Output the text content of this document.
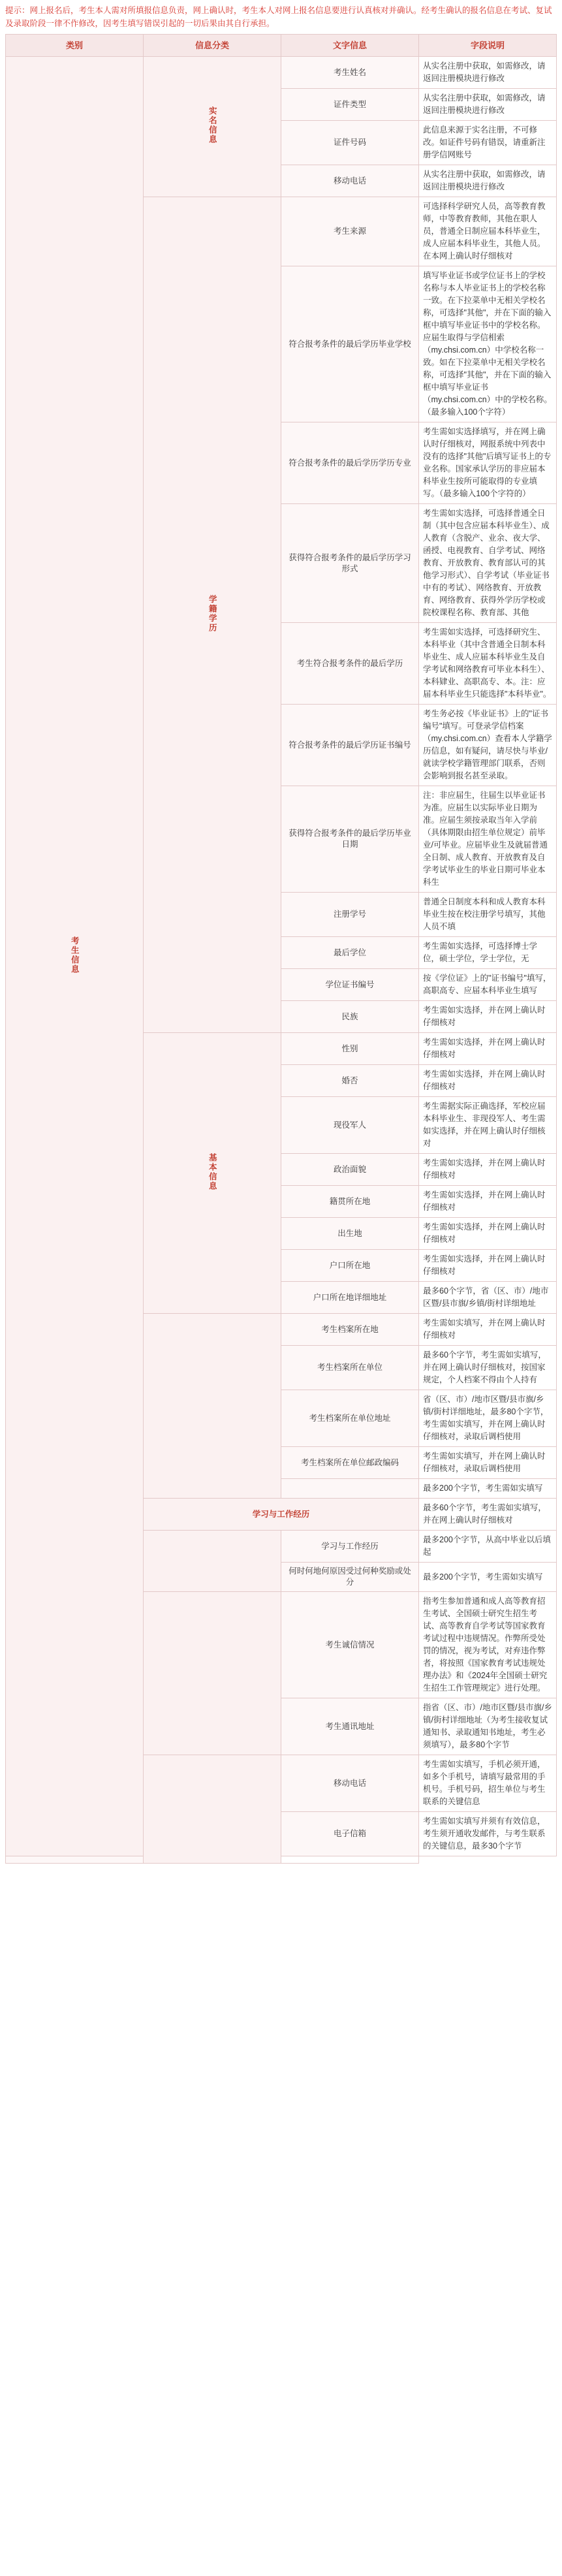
提示：网上报名后，考生本人需对所填报信息负责，网上确认时，考生本人对网上报名信息要进行认真核对并确认。经考生确认的报名信息在考试、复试及录取阶段一律不作修改，因考生填写错误引起的一切后果由其自行承担。
类别	信息分类	文字信息	字段说明
考生信息	实名信息	考生姓名	从实名注册中获取，如需修改，请返回注册模块进行修改
		证件类型	从实名注册中获取，如需修改，请返回注册模块进行修改
		证件号码	此信息来源于实名注册，不可修改。如证件号码有错误，请重新注册学信网账号
		移动电话	从实名注册中获取，如需修改，请返回注册模块进行修改
	学籍学历	考生来源	可选择科学研究人员，高等教育教师，中等教育教师，其他在职人员，普通全日制应届本科毕业生，成人应届本科毕业生，其他人员。在本网上确认时仔细核对
		符合报考条件的最后学历毕业学校	填写毕业证书或学位证书上的学校名称与本人毕业证书上的学校名称一致。在下拉菜单中无相关学校名称，可选择"其他"，并在下面的输入框中填写毕业证书中的学校名称。 应届生取得与学信相索（my.chsi.com.cn）中学校名称一致。如在下拉菜单中无相关学校名称，可选择"其他"，并在下面的输入框中填写毕业证书（my.chsi.com.cn）中的学校名称。（最多输入100个字符）
		符合报考条件的最后学历学历专业	考生需如实选择填写，并在网上确认时仔细核对，网报系统中列表中没有的选择"其他"后填写证书上的专业名称。国家承认学历的非应届本科毕业生按所可能取得的专业填写。（最多输入100个字符的）
		获得符合报考条件的最后学历学习形式	考生需如实选择，可选择普通全日制（其中包含应届本科毕业生）、成人教育（含脱产、业余、夜大学、函授、电视教育、自学考试、网络教育、开放教育、教育部认可的其他学习形式）、自学考试（毕业证书中有的考试）、网络教育、开放教育、网络教育、获得外学历学校或院校课程名称、教育部、其他
		考生符合报考条件的最后学历	考生需如实选择，可选择研究生、本科毕业（其中含普通全日制本科毕业生、成人应届本科毕业生及自学考试和网络教育可毕业本科生）、本科肄业、高职高专、本。注：应届本科毕业生只能选择"本科毕业"。
		符合报考条件的最后学历证书编号	考生务必按《毕业证书》上的"证书编号"填写。可登录学信档案（my.chsi.com.cn）查看本人学籍学历信息，如有疑问，请尽快与毕业/就读学校学籍管理部门联系，否则会影响到报名甚至录取。
		获得符合报考条件的最后学历毕业日期	注：非应届生，往届生以毕业证书为准。应届生以实际毕业日期为准。应届生须按录取当年入学前（具体期限由招生单位规定）前毕业/可毕业。应届毕业生及就届普通全日制、成人教育、开放教育及自学考试毕业生的毕业日期可毕业本科生
		注册学号	普通全日制度本科和成人教育本科毕业生按在校注册学号填写，其他人员不填
		最后学位	考生需如实选择，可选择博士学位，硕士学位，学士学位，无
		学位证书编号	按《学位证》上的"证书编号"填写，高职高专、应届本科毕业生填写
		民族	考生需如实选择，并在网上确认时仔细核对
	基本信息	性别	考生需如实选择，并在网上确认时仔细核对
		婚否	考生需如实选择，并在网上确认时仔细核对
		现役军人	考生需据实际正确选择，军校应届本科毕业生、非现役军人、考生需如实选择，并在网上确认时仔细核对
		政治面貌	考生需如实选择，并在网上确认时仔细核对
		籍贯所在地	考生需如实选择，并在网上确认时仔细核对
		出生地	考生需如实选择，并在网上确认时仔细核对
		户口所在地	考生需如实选择，并在网上确认时仔细核对
		户口所在地详细地址	最多60个字节，省（区、市）/地市区暨/县市旗/乡镇/街村详细地址
		考生档案所在地	考生需如实填写，并在网上确认时仔细核对
		考生档案所在单位	最多60个字节，考生需如实填写，并在网上确认时仔细核对，按国家规定，个人档案不得由个人持有
		考生档案所在单位地址	省（区、市）/地市区暨/县市旗/乡镇/街村详细地址，最多80个字节，考生需如实填写，并在网上确认时仔细核对，录取后调档使用
		考生档案所在单位邮政编码	考生需如实填写，并在网上确认时仔细核对，录取后调档使用
			最多200个字节，考生需如实填写
	学习与工作经历		最多60个字节，考生需如实填写，并在网上确认时仔细核对
		学习与工作经历	最多200个字节，从高中毕业以后填起
		何时何地何原因受过何种奖励或处分	最多200个字节，考生需如实填写
		考生诚信情况	指考生参加普通和成人高等教育招生考试、全国硕士研究生招生考试、高等教育自学考试等国家教育考试过程中违规情况。作弊所受处罚的情况，视为考试，对弃违作弊者，将按照《国家教育考试违规处理办法》和《2024年全国硕士研究生招生工作管理规定》进行处理。
		考生通讯地址	指省（区、市）/地市区暨/县市旗/乡镇/街村详细地址（为考生接收复试通知书、录取通知书地址，考生必须填写），最多80个字节
		移动电话	考生需如实填写，手机必须开通，如多个手机号，请填写最常用的手机号。手机号码，招生单位与考生联系的关键信息
		电子信箱	考生需如实填写并须有有效信息，考生须开通收发邮件，与考生联系的关键信息，最多30个字节
